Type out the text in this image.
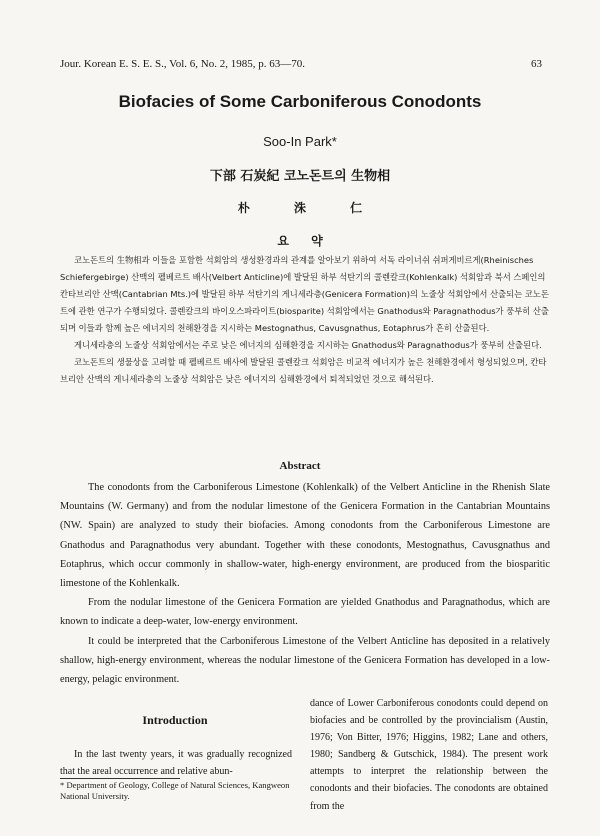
Jour. Korean E. S. E. S., Vol. 6, No. 2, 1985, p. 63—70.	63

Biofacies of Some Carboniferous Conodonts

Soo-In Park*

下部 石炭紀 코노돈트의 生物相

朴 洙 仁

요 약

코노돈트의 生物相과 이들을 포함한 석회암의 생성환경과의 관계를 알아보기 위하여 서독 라이너쉬 쉬퍼게비르게(Rheinisches Schiefergebirge) 산맥의 펠베르트 배사(Velbert Anticline)에 발달된 하부 석탄기의 콜렌칼크(Kohlenkalk) 석회암과 북서 스페인의 칸타브리안 산맥(Cantabrian Mts.)에 발달된 하부 석탄기의 게니세라층(Genicera Formation)의 노줄상 석회암에서 산출되는 코노돈트에 관한 연구가 수행되었다. 콜렌칼크의 바이오스파라이트(biosparite) 석회암에서는 Gnathodus와 Paragnathodus가 풍부히 산출되며 이들과 함께 높은 에너지의 천해환경을 지시하는 Mestognathus, Cavusgnathus, Eotaphrus가 흔히 산출된다.

게니세라층의 노줄상 석회암에서는 주로 낮은 에너지의 심해환경을 지시하는 Gnathodus와 Paragnathodus가 풍부히 산출된다.

코노돈트의 생물상을 고려할 때 펠베르트 배사에 발달된 콜렌칼크 석회암은 비교적 에너지가 높은 천해환경에서 형성되었으며, 칸타브리안 산맥의 게니세라층의 노줄상 석회암은 낮은 에너지의 심해환경에서 퇴적되었던 것으로 해석된다.

Abstract

The conodonts from the Carboniferous Limestone (Kohlenkalk) of the Velbert Anticline in the Rhenish Slate Mountains (W. Germany) and from the nodular limestone of the Genicera Formation in the Cantabrian Mountains (NW. Spain) are analyzed to study their biofacies. Among conodonts from the Carboniferous Limestone are Gnathodus and Paragnathodus very abundant. Together with these conodonts, Mestognathus, Cavusgnathus and Eotaphrus, which occur commonly in shallow-water, high-energy environment, are produced from the biosparitic limestone of the Kohlenkalk.

From the nodular limestone of the Genicera Formation are yielded Gnathodus and Paragnathodus, which are known to indicate a deep-water, low-energy environment.

It could be interpreted that the Carboniferous Limestone of the Velbert Anticline has deposited in a relatively shallow, high-energy environment, whereas the nodular limestone of the Genicera Formation has developed in a low-energy, pelagic environment.

Introduction

In the last twenty years, it was gradually recognized that the areal occurrence and relative abun-

* Department of Geology, College of Natural Sciences, Kangweon National University.

dance of Lower Carboniferous conodonts could depend on biofacies and be controlled by the provincialism (Austin, 1976; Von Bitter, 1976; Higgins, 1982; Lane and others, 1980; Sandberg & Gutschick, 1984). The present work attempts to interpret the relationship between the conodonts and their biofacies. The conodonts are obtained from the
